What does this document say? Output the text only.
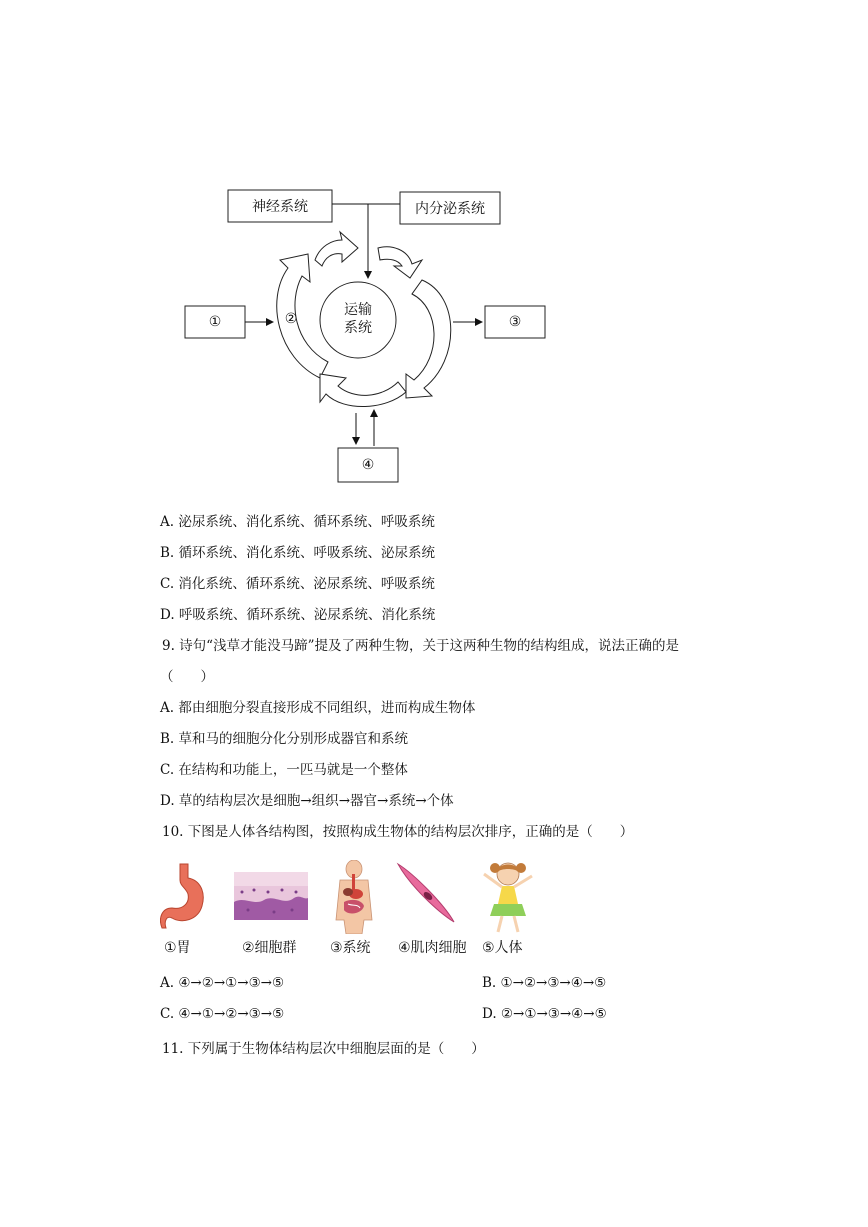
神经系统	内分泌系统
①	③
④
②
运输
系统
A. 泌尿系统、消化系统、循环系统、呼吸系统
B. 循环系统、消化系统、呼吸系统、泌尿系统
C. 消化系统、循环系统、泌尿系统、呼吸系统
D. 呼吸系统、循环系统、泌尿系统、消化系统
9. 诗句“浅草才能没马蹄”提及了两种生物，关于这两种生物的结构组成，说法正确的是
（　　）
A. 都由细胞分裂直接形成不同组织，进而构成生物体
B. 草和马的细胞分化分别形成器官和系统
C. 在结构和功能上，一匹马就是一个整体
D. 草的结构层次是细胞→组织→器官→系统→个体
10. 下图是人体各结构图，按照构成生物体的结构层次排序，正确的是（　　）
①胃	②细胞群 ③系统 ④肌肉细胞 ⑤人体
A. ④→②→①→③→⑤	B. ①→②→③→④→⑤
C. ④→①→②→③→⑤	D. ②→①→③→④→⑤
11. 下列属于生物体结构层次中细胞层面的是（　　）
